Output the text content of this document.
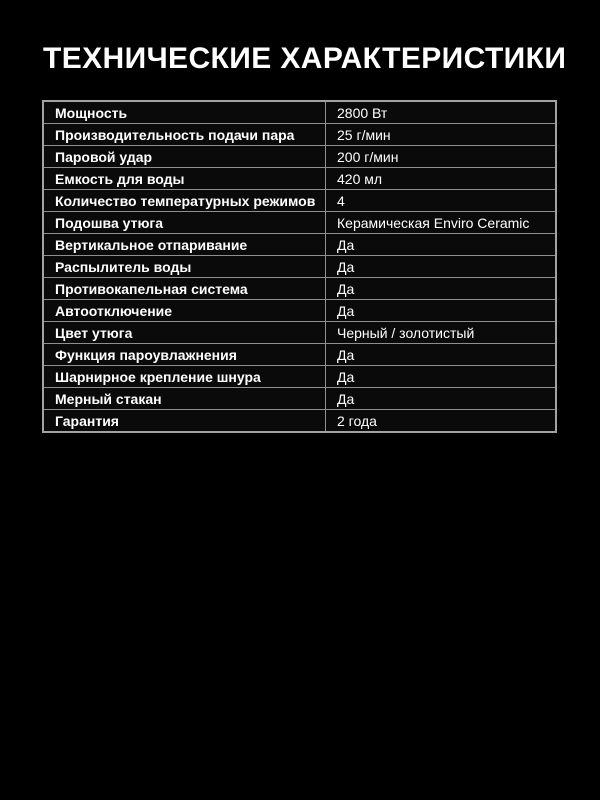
ТЕХНИЧЕСКИЕ ХАРАКТЕРИСТИКИ
Мощность	2800 Вт
Производительность подачи пара	25 г/мин
Паровой удар	200 г/мин
Емкость для воды	420 мл
Количество температурных режимов	4
Подошва утюга	Керамическая Enviro Ceramic
Вертикальное отпаривание	Да
Распылитель воды	Да
Противокапельная система	Да
Автоотключение	Да
Цвет утюга	Черный / золотистый
Функция пароувлажнения	Да
Шарнирное крепление шнура	Да
Мерный стакан	Да
Гарантия	2 года
